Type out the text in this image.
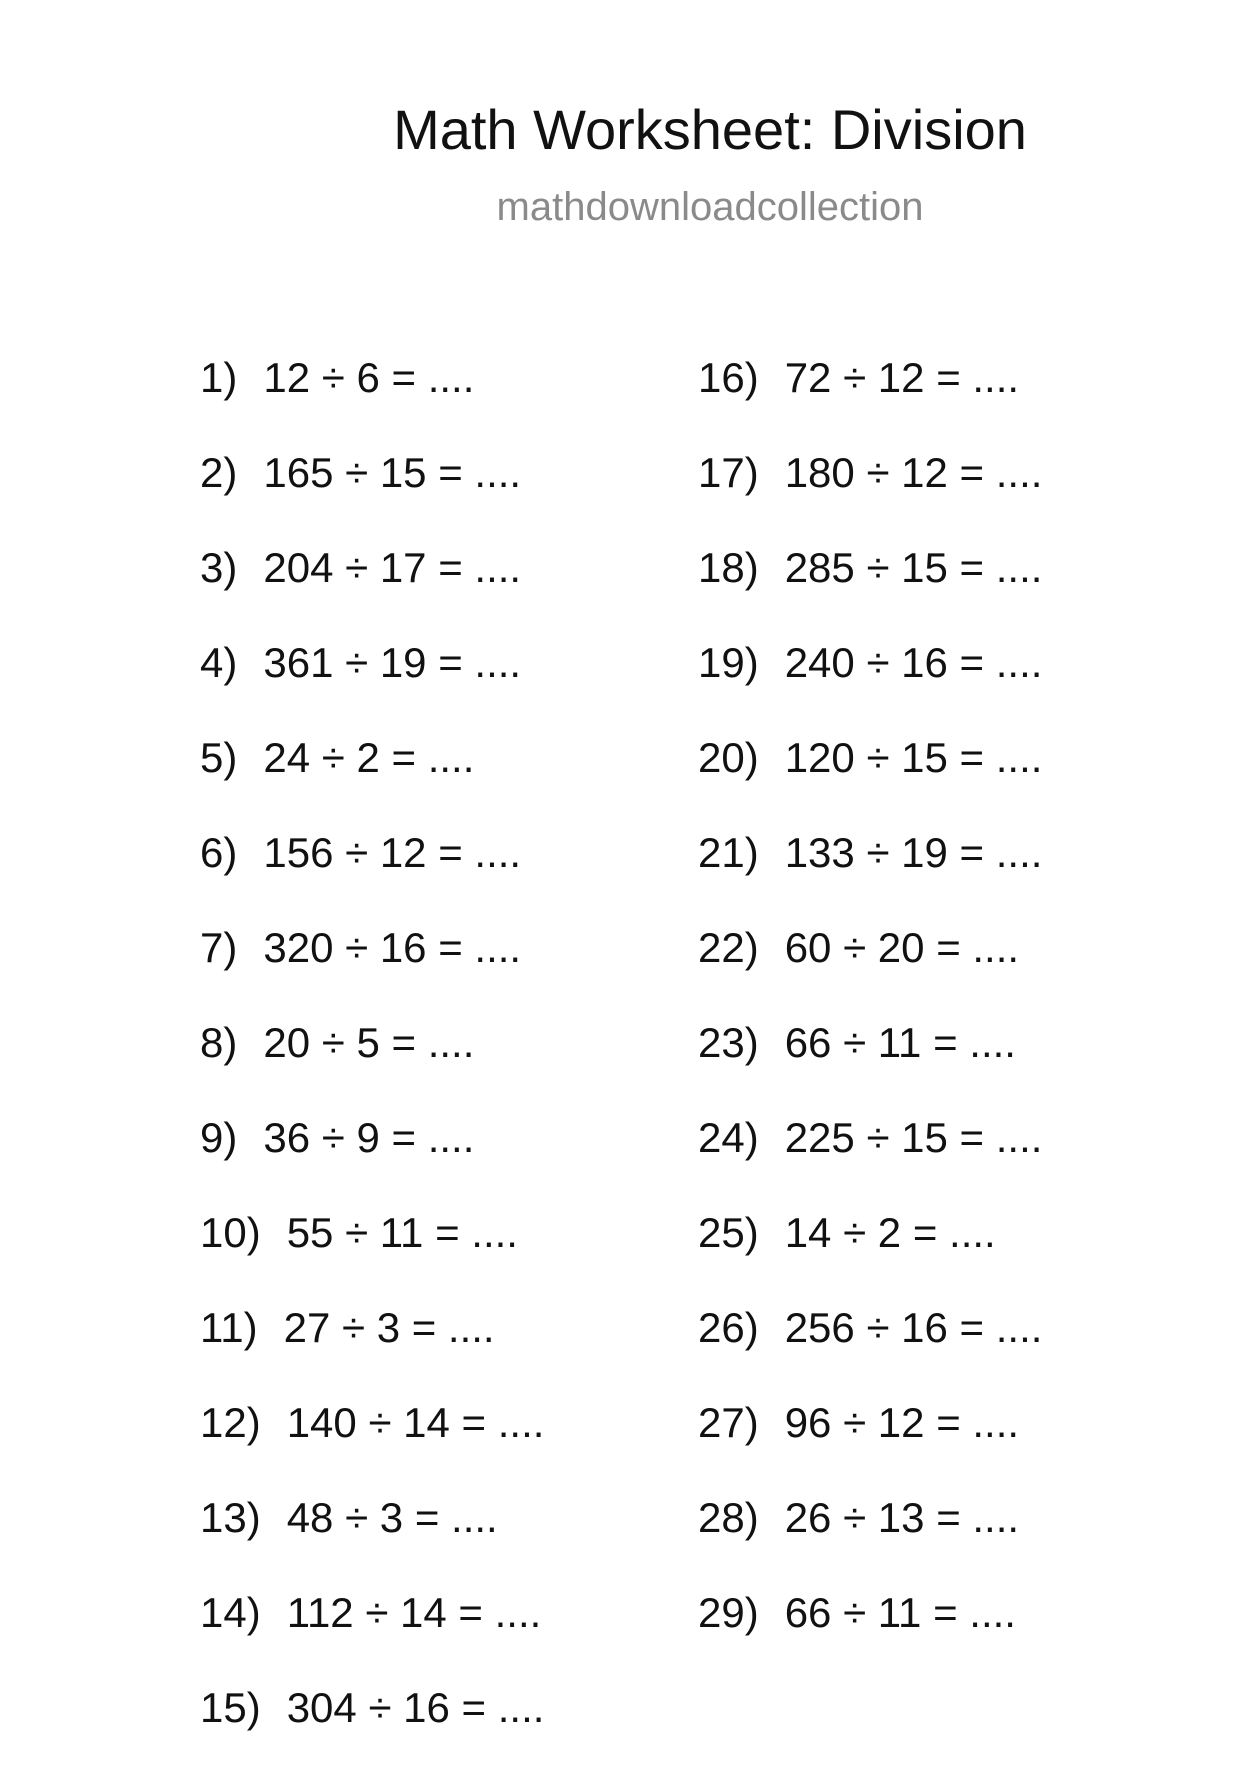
Math Worksheet: Division
mathdownloadcollection
1) 12 ÷ 6 = ....
2) 165 ÷ 15 = ....
3) 204 ÷ 17 = ....
4) 361 ÷ 19 = ....
5) 24 ÷ 2 = ....
6) 156 ÷ 12 = ....
7) 320 ÷ 16 = ....
8) 20 ÷ 5 = ....
9) 36 ÷ 9 = ....
10) 55 ÷ 11 = ....
11) 27 ÷ 3 = ....
12) 140 ÷ 14 = ....
13) 48 ÷ 3 = ....
14) 112 ÷ 14 = ....
15) 304 ÷ 16 = ....
16) 72 ÷ 12 = ....
17) 180 ÷ 12 = ....
18) 285 ÷ 15 = ....
19) 240 ÷ 16 = ....
20) 120 ÷ 15 = ....
21) 133 ÷ 19 = ....
22) 60 ÷ 20 = ....
23) 66 ÷ 11 = ....
24) 225 ÷ 15 = ....
25) 14 ÷ 2 = ....
26) 256 ÷ 16 = ....
27) 96 ÷ 12 = ....
28) 26 ÷ 13 = ....
29) 66 ÷ 11 = ....
